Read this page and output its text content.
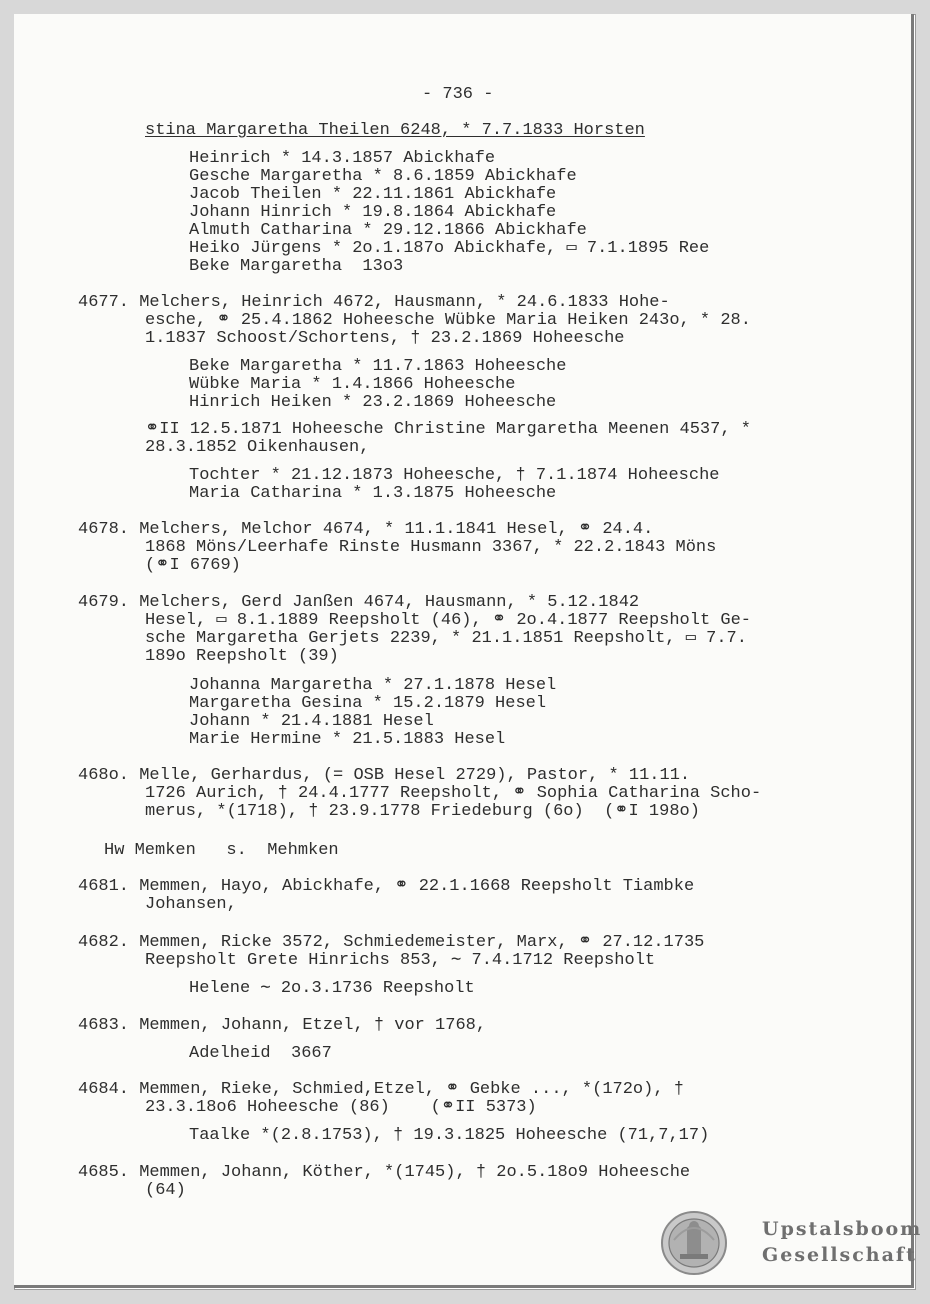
- 736 -
stina Margaretha Theilen 6248, * 7.7.1833 Horsten
Heinrich * 14.3.1857 Abickhafe
Gesche Margaretha * 8.6.1859 Abickhafe
Jacob Theilen * 22.11.1861 Abickhafe
Johann Hinrich * 19.8.1864 Abickhafe
Almuth Catharina * 29.12.1866 Abickhafe
Heiko Jürgens * 2o.1.187o Abickhafe, ▭ 7.1.1895 Ree
Beke Margaretha  13o3
4677. Melchers, Heinrich 4672, Hausmann, * 24.6.1833 Hohe-
esche, ⚭ 25.4.1862 Hoheesche Wübke Maria Heiken 243o, * 28.
1.1837 Schoost/Schortens, † 23.2.1869 Hoheesche
Beke Margaretha * 11.7.1863 Hoheesche
Wübke Maria * 1.4.1866 Hoheesche
Hinrich Heiken * 23.2.1869 Hoheesche
⚭II 12.5.1871 Hoheesche Christine Margaretha Meenen 4537, *
28.3.1852 Oikenhausen,
Tochter * 21.12.1873 Hoheesche, † 7.1.1874 Hoheesche
Maria Catharina * 1.3.1875 Hoheesche
4678. Melchers, Melchor 4674, * 11.1.1841 Hesel, ⚭ 24.4.
1868 Möns/Leerhafe Rinste Husmann 3367, * 22.2.1843 Möns
(⚭I 6769)
4679. Melchers, Gerd Janßen 4674, Hausmann, * 5.12.1842
Hesel, ▭ 8.1.1889 Reepsholt (46), ⚭ 2o.4.1877 Reepsholt Ge-
sche Margaretha Gerjets 2239, * 21.1.1851 Reepsholt, ▭ 7.7.
189o Reepsholt (39)
Johanna Margaretha * 27.1.1878 Hesel
Margaretha Gesina * 15.2.1879 Hesel
Johann * 21.4.1881 Hesel
Marie Hermine * 21.5.1883 Hesel
468o. Melle, Gerhardus, (= OSB Hesel 2729), Pastor, * 11.11.
1726 Aurich, † 24.4.1777 Reepsholt, ⚭ Sophia Catharina Scho-
merus, *(1718), † 23.9.1778 Friedeburg (6o)  (⚭I 198o)
Hw Memken   s.  Mehmken
4681. Memmen, Hayo, Abickhafe, ⚭ 22.1.1668 Reepsholt Tiambke
Johansen,
4682. Memmen, Ricke 3572, Schmiedemeister, Marx, ⚭ 27.12.1735
Reepsholt Grete Hinrichs 853, ∼ 7.4.1712 Reepsholt
Helene ∼ 2o.3.1736 Reepsholt
4683. Memmen, Johann, Etzel, † vor 1768,
Adelheid  3667
4684. Memmen, Rieke, Schmied,Etzel, ⚭ Gebke ..., *(172o), †
23.3.18o6 Hoheesche (86)    (⚭II 5373)
Taalke *(2.8.1753), † 19.3.1825 Hoheesche (71,7,17)
4685. Memmen, Johann, Köther, *(1745), † 2o.5.18o9 Hoheesche
(64)
Upstalsboom
Gesellschaft
